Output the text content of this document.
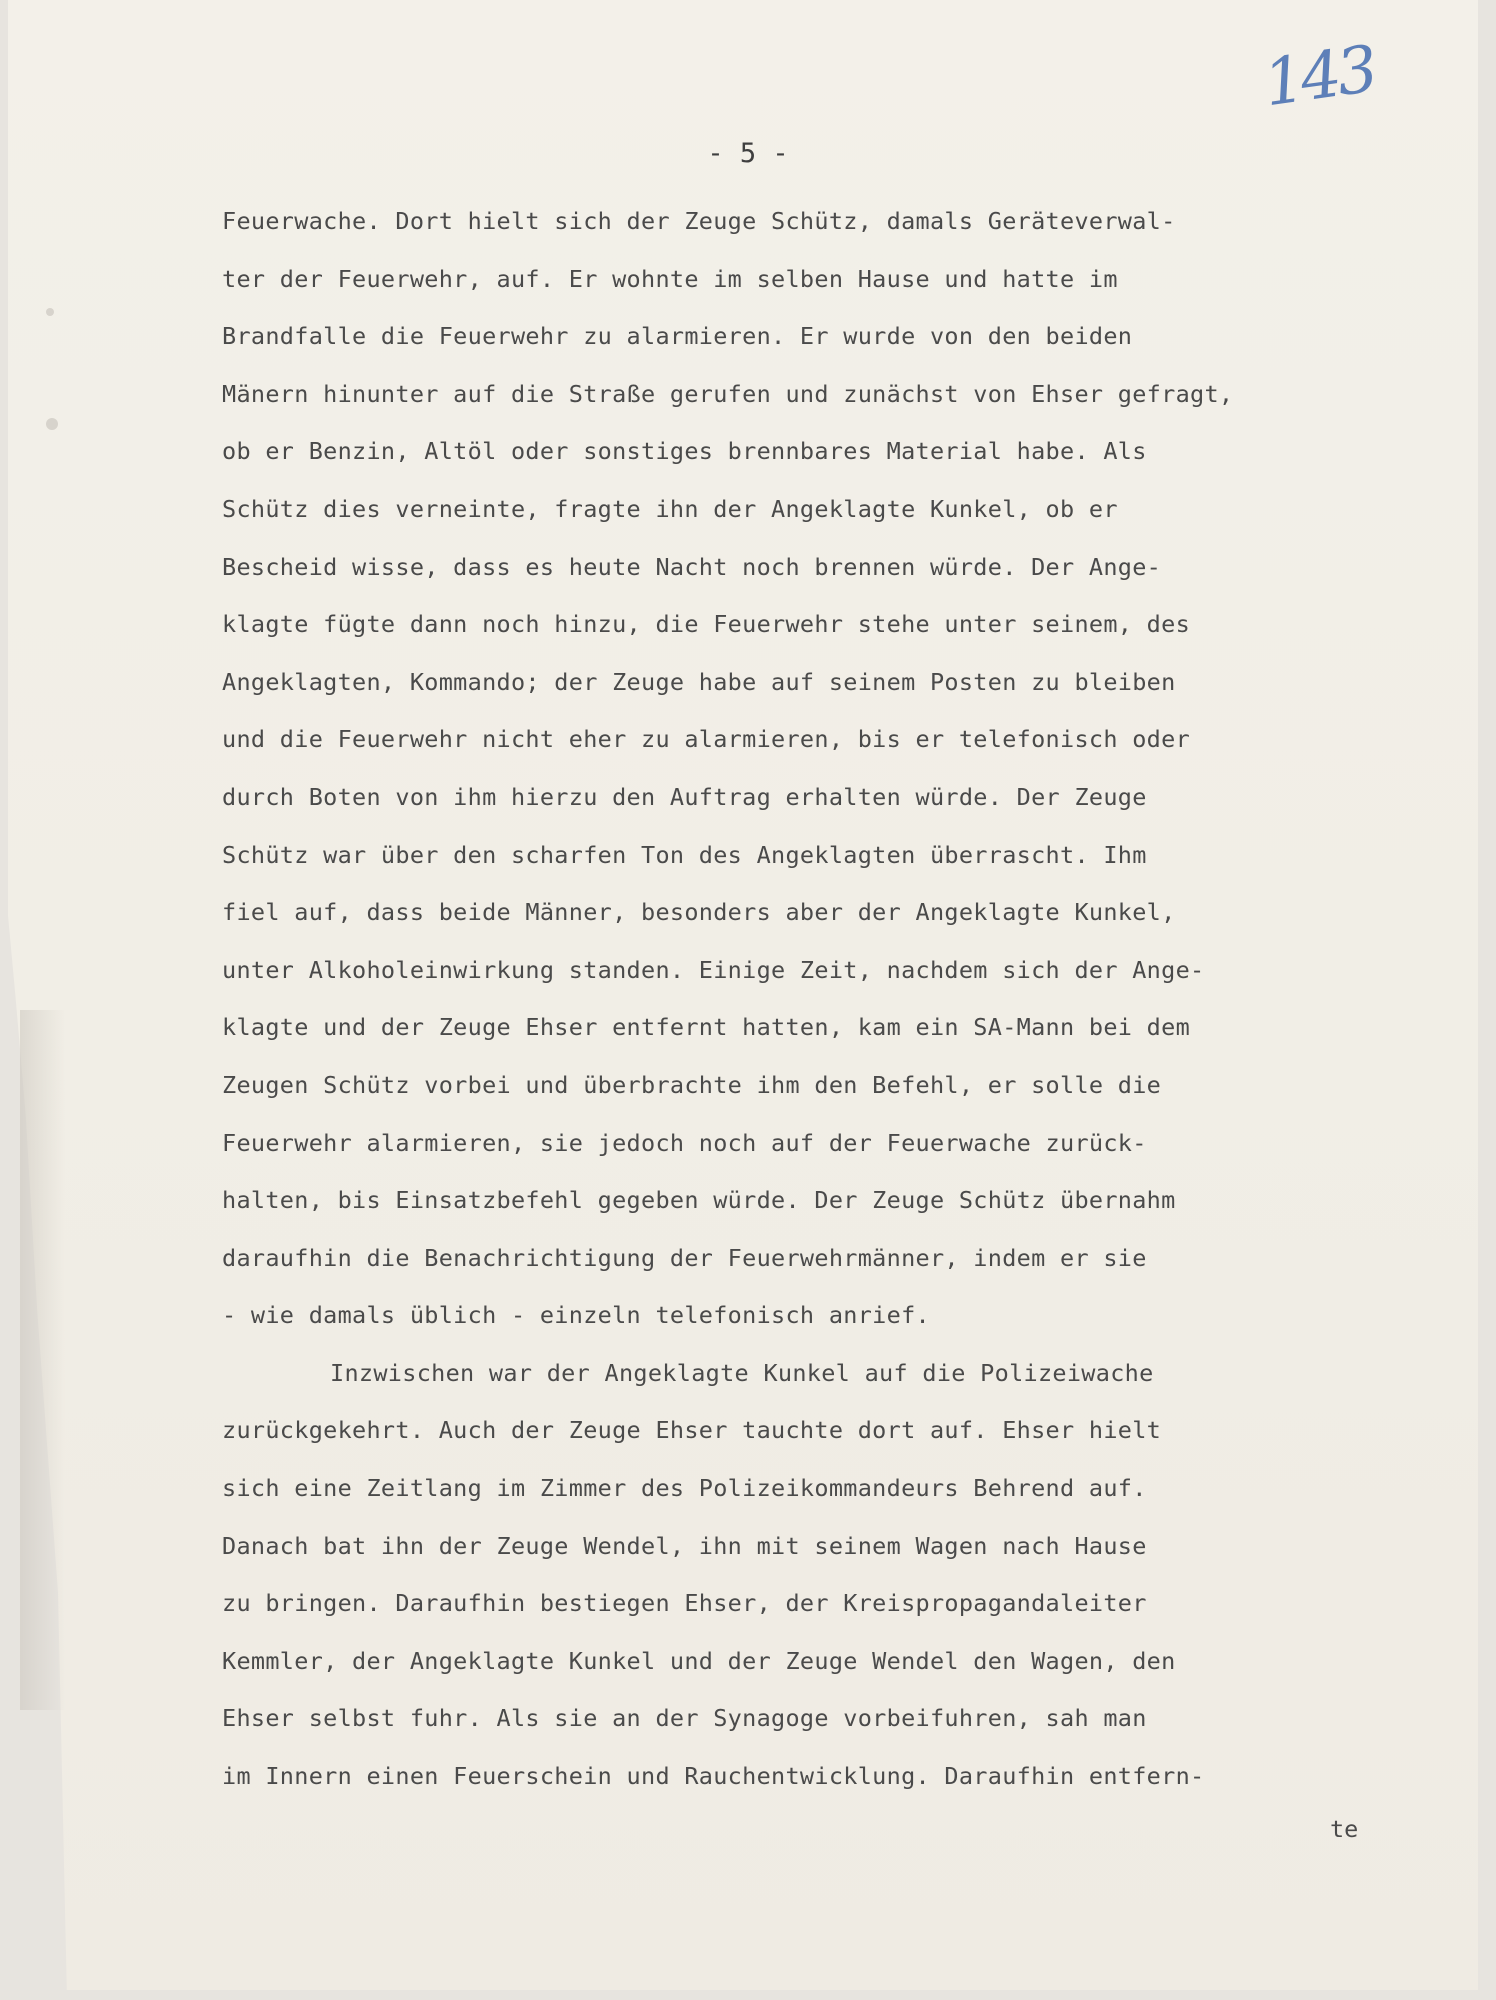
143
- 5 -
Feuerwache. Dort hielt sich der Zeuge Schütz, damals Geräteverwal-
ter der Feuerwehr, auf. Er wohnte im selben Hause und hatte im
Brandfalle die Feuerwehr zu alarmieren. Er wurde von den beiden
Mänern hinunter auf die Straße gerufen und zunächst von Ehser gefragt,
ob er Benzin, Altöl oder sonstiges brennbares Material habe. Als
Schütz dies verneinte, fragte ihn der Angeklagte Kunkel, ob er
Bescheid wisse, dass es heute Nacht noch brennen würde. Der Ange-
klagte fügte dann noch hinzu, die Feuerwehr stehe unter seinem, des
Angeklagten, Kommando; der Zeuge habe auf seinem Posten zu bleiben
und die Feuerwehr nicht eher zu alarmieren, bis er telefonisch oder
durch Boten von ihm hierzu den Auftrag erhalten würde. Der Zeuge
Schütz war über den scharfen Ton des Angeklagten überrascht. Ihm
fiel auf, dass beide Männer, besonders aber der Angeklagte Kunkel,
unter Alkoholeinwirkung standen. Einige Zeit, nachdem sich der Ange-
klagte und der Zeuge Ehser entfernt hatten, kam ein SA-Mann bei dem
Zeugen Schütz vorbei und überbrachte ihm den Befehl, er solle die
Feuerwehr alarmieren, sie jedoch noch auf der Feuerwache zurück-
halten, bis Einsatzbefehl gegeben würde. Der Zeuge Schütz übernahm
daraufhin die Benachrichtigung der Feuerwehrmänner, indem er sie
- wie damals üblich - einzeln telefonisch anrief.
Inzwischen war der Angeklagte Kunkel auf die Polizeiwache
zurückgekehrt. Auch der Zeuge Ehser tauchte dort auf. Ehser hielt
sich eine Zeitlang im Zimmer des Polizeikommandeurs Behrend auf.
Danach bat ihn der Zeuge Wendel, ihn mit seinem Wagen nach Hause
zu bringen. Daraufhin bestiegen Ehser, der Kreispropagandaleiter
Kemmler, der Angeklagte Kunkel und der Zeuge Wendel den Wagen, den
Ehser selbst fuhr. Als sie an der Synagoge vorbeifuhren, sah man
im Innern einen Feuerschein und Rauchentwicklung. Daraufhin entfern-
te
